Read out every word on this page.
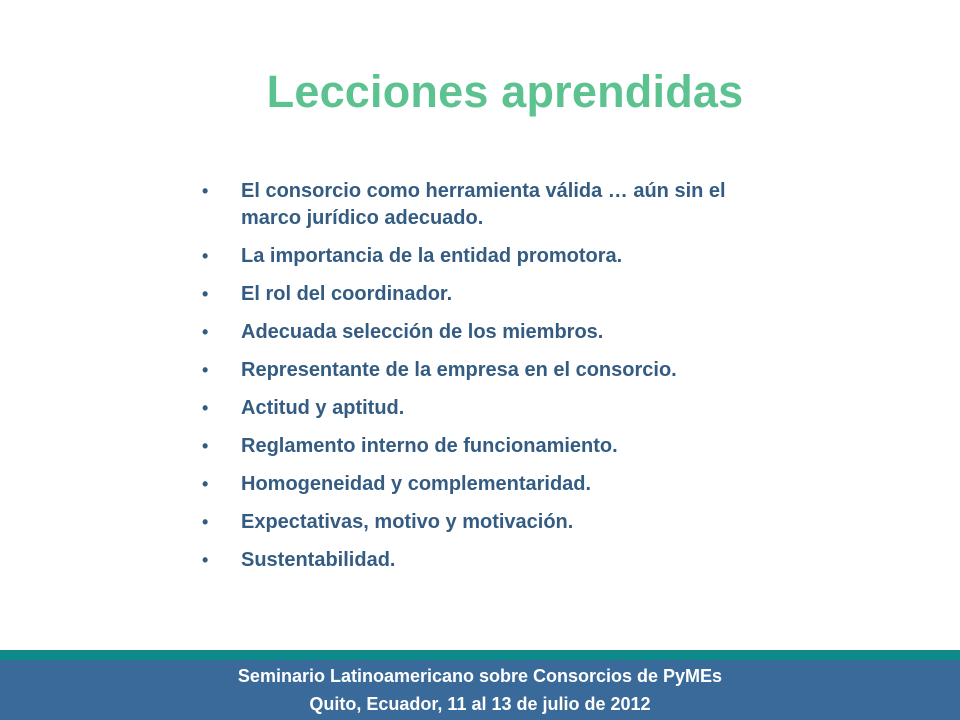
Lecciones aprendidas
• El consorcio como herramienta válida … aún sin el marco jurídico adecuado.
• La importancia de la entidad promotora.
• El rol del coordinador.
• Adecuada selección de los miembros.
• Representante de la empresa en el consorcio.
• Actitud y aptitud.
• Reglamento interno de funcionamiento.
• Homogeneidad y complementaridad.
• Expectativas, motivo y motivación.
• Sustentabilidad.
Seminario Latinoamericano sobre Consorcios de PyMEs
Quito, Ecuador, 11 al 13 de julio de 2012
